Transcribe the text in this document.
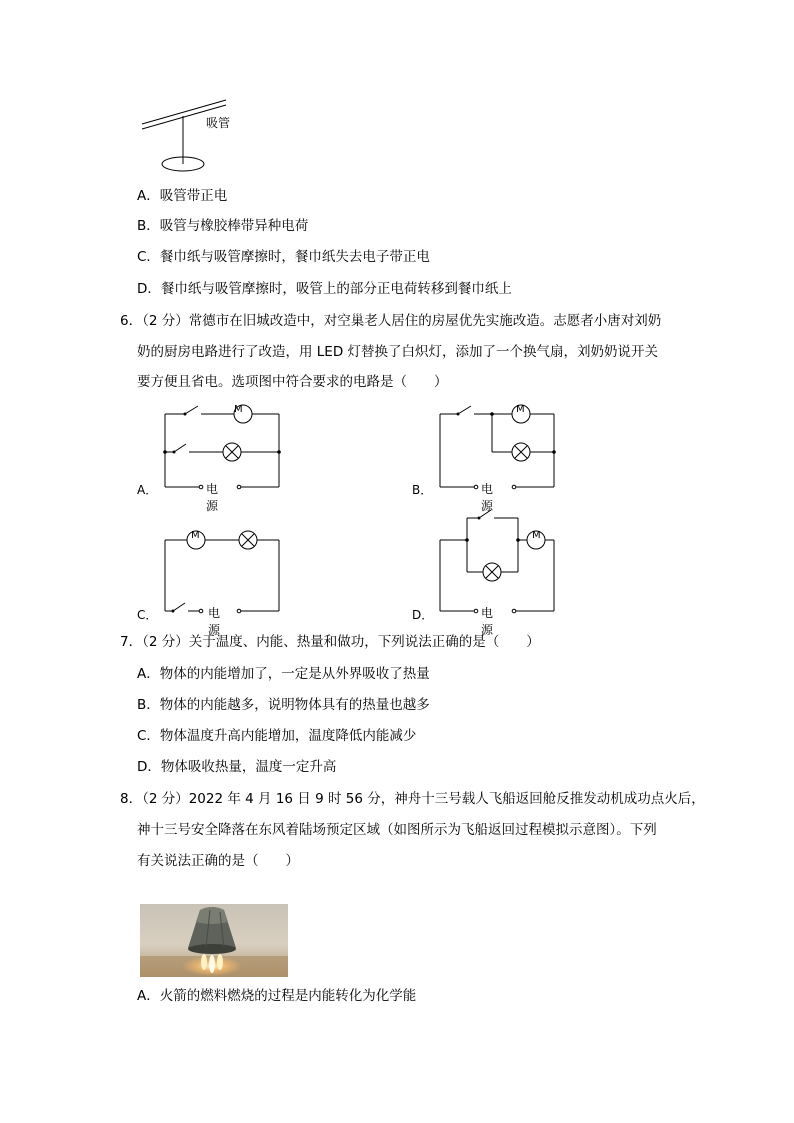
吸管
A．吸管带正电
B．吸管与橡胶棒带异种电荷
C．餐巾纸与吸管摩擦时，餐巾纸失去电子带正电
D．餐巾纸与吸管摩擦时，吸管上的部分正电荷转移到餐巾纸上
6．（2 分）常德市在旧城改造中，对空巢老人居住的房屋优先实施改造。志愿者小唐对刘奶
奶的厨房电路进行了改造，用 LED 灯替换了白炽灯，添加了一个换气扇，刘奶奶说开关
要方便且省电。选项图中符合要求的电路是（　　）
A．
M
电源
B．
M
电源
C．
M
电源
D．
M
电源
7．（2 分）关于温度、内能、热量和做功，下列说法正确的是（　　）
A．物体的内能增加了，一定是从外界吸收了热量
B．物体的内能越多，说明物体具有的热量也越多
C．物体温度升高内能增加，温度降低内能减少
D．物体吸收热量，温度一定升高
8．（2 分）2022 年 4 月 16 日 9 时 56 分，神舟十三号载人飞船返回舱反推发动机成功点火后，
神十三号安全降落在东风着陆场预定区域（如图所示为飞船返回过程模拟示意图）。下列
有关说法正确的是（　　）
A．火箭的燃料燃烧的过程是内能转化为化学能
